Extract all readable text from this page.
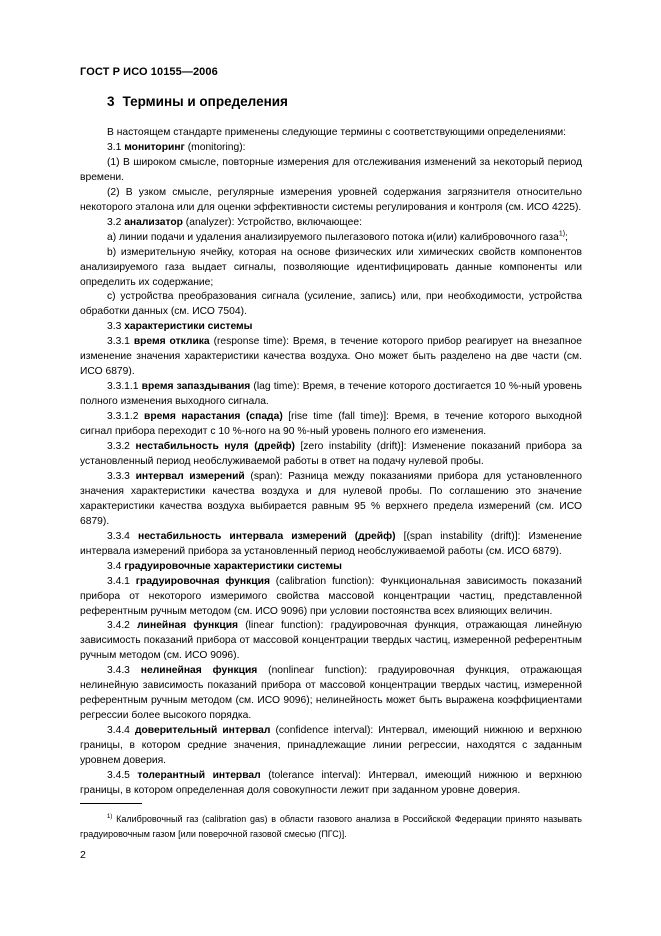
ГОСТ Р ИСО 10155—2006
3 Термины и определения

В настоящем стандарте применены следующие термины с соответствующими определениями:

3.1 мониторинг (monitoring):

(1) В широком смысле, повторные измерения для отслеживания изменений за некоторый период времени.

(2) В узком смысле, регулярные измерения уровней содержания загрязнителя относительно некоторого эталона или для оценки эффективности системы регулирования и контроля (см. ИСО 4225).

3.2 анализатор (analyzer): Устройство, включающее:

а) линии подачи и удаления анализируемого пылегазового потока и(или) калибровочного газа$^{1)}$;

b) измерительную ячейку, которая на основе физических или химических свойств компонентов анализируемого газа выдает сигналы, позволяющие идентифицировать данные компоненты или определить их содержание;

c) устройства преобразования сигнала (усиление, запись) или, при необходимости, устройства обработки данных (см. ИСО 7504).

3.3 характеристики системы

3.3.1 время отклика (response time): Время, в течение которого прибор реагирует на внезапное изменение значения характеристики качества воздуха. Оно может быть разделено на две части (см. ИСО 6879).

3.3.1.1 время запаздывания (lag time): Время, в течение которого достигается 10 %-ный уровень полного изменения выходного сигнала.

3.3.1.2 время нарастания (спада) [rise time (fall time)]: Время, в течение которого выходной сигнал прибора переходит с 10 %-ного на 90 %-ный уровень полного его изменения.

3.3.2 нестабильность нуля (дрейф) [zero instability (drift)]: Изменение показаний прибора за установленный период необслуживаемой работы в ответ на подачу нулевой пробы.

3.3.3 интервал измерений (span): Разница между показаниями прибора для установленного значения характеристики качества воздуха и для нулевой пробы. По соглашению это значение характеристики качества воздуха выбирается равным 95 % верхнего предела измерений (см. ИСО 6879).

3.3.4 нестабильность интервала измерений (дрейф) [(span instability (drift)]: Изменение интервала измерений прибора за установленный период необслуживаемой работы (см. ИСО 6879).

3.4 градуировочные характеристики системы

3.4.1 градуировочная функция (calibration function): Функциональная зависимость показаний прибора от некоторого измеримого свойства массовой концентрации частиц, представленной референтным ручным методом (см. ИСО 9096) при условии постоянства всех влияющих величин.

3.4.2 линейная функция (linear function): градуировочная функция, отражающая линейную зависимость показаний прибора от массовой концентрации твердых частиц, измеренной референтным ручным методом (см. ИСО 9096).

3.4.3 нелинейная функция (nonlinear function): градуировочная функция, отражающая нелинейную зависимость показаний прибора от массовой концентрации твердых частиц, измеренной референтным ручным методом (см. ИСО 9096); нелинейность может быть выражена коэффициентами регрессии более высокого порядка.

3.4.4 доверительный интервал (confidence interval): Интервал, имеющий нижнюю и верхнюю границы, в котором средние значения, принадлежащие линии регрессии, находятся с заданным уровнем доверия.

3.4.5 толерантный интервал (tolerance interval): Интервал, имеющий нижнюю и верхнюю границы, в котором определенная доля совокупности лежит при заданном уровне доверия.

$^{1)}$ Калибровочный газ (calibration gas) в области газового анализа в Российской Федерации принято называть градуировочным газом [или поверочной газовой смесью (ПГС)].
2
